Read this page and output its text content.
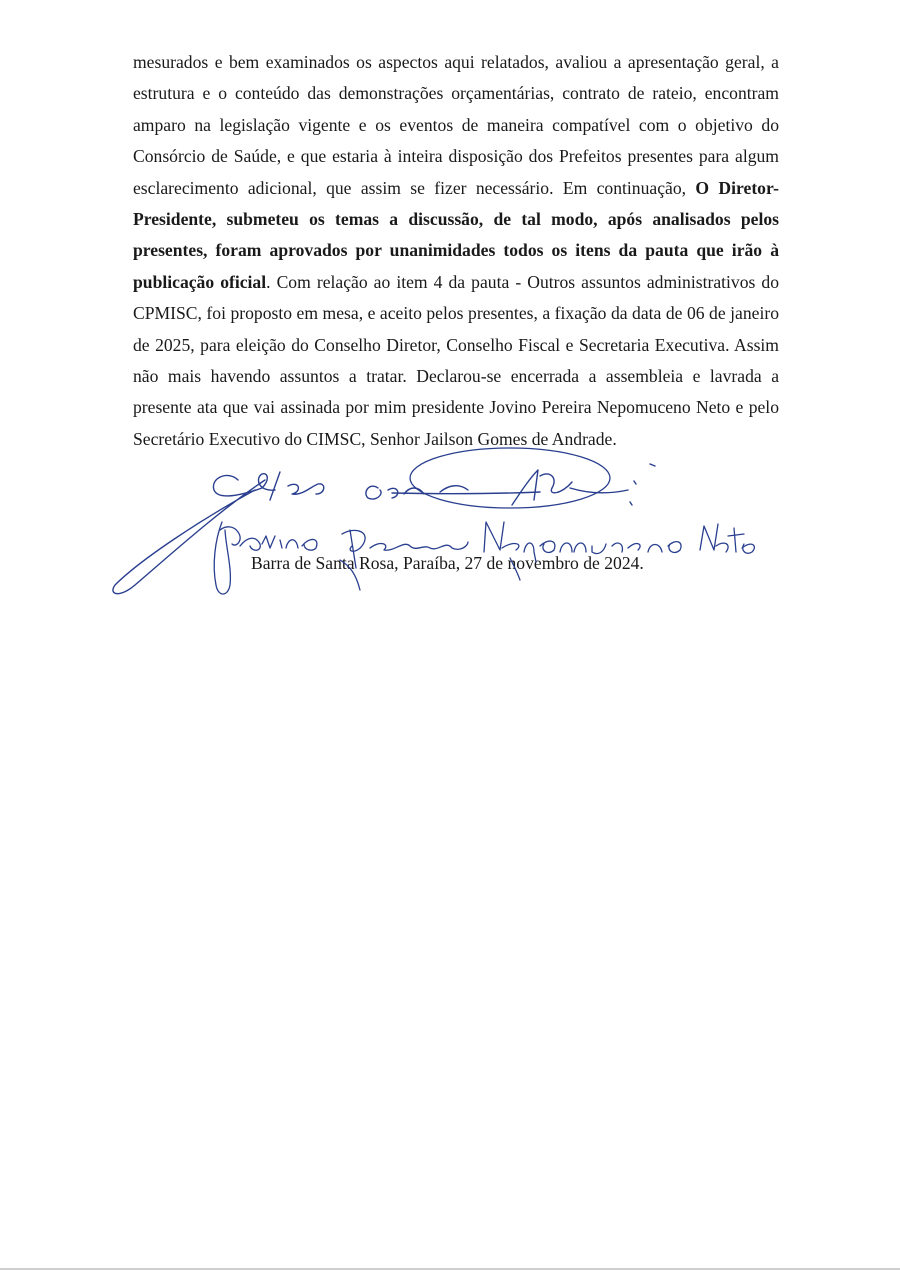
mesurados e bem examinados os aspectos aqui relatados, avaliou a apresentação geral, a estrutura e o conteúdo das demonstrações orçamentárias, contrato de rateio, encontram amparo na legislação vigente e os eventos de maneira compatível com o objetivo do Consórcio de Saúde, e que estaria à inteira disposição dos Prefeitos presentes para algum esclarecimento adicional, que assim se fizer necessário. Em continuação, O Diretor-Presidente, submeteu os temas a discussão, de tal modo, após analisados pelos presentes, foram aprovados por unanimidades todos os itens da pauta que irão à publicação oficial. Com relação ao item 4 da pauta - Outros assuntos administrativos do CPMISC, foi proposto em mesa, e aceito pelos presentes, a fixação da data de 06 de janeiro de 2025, para eleição do Conselho Diretor, Conselho Fiscal e Secretaria Executiva. Assim não mais havendo assuntos a tratar. Declarou-se encerrada a assembleia e lavrada a presente ata que vai assinada por mim presidente Jovino Pereira Nepomuceno Neto e pelo Secretário Executivo do CIMSC, Senhor Jailson Gomes de Andrade.

Barra de Santa Rosa, Paraíba, 27 de novembro de 2024.
